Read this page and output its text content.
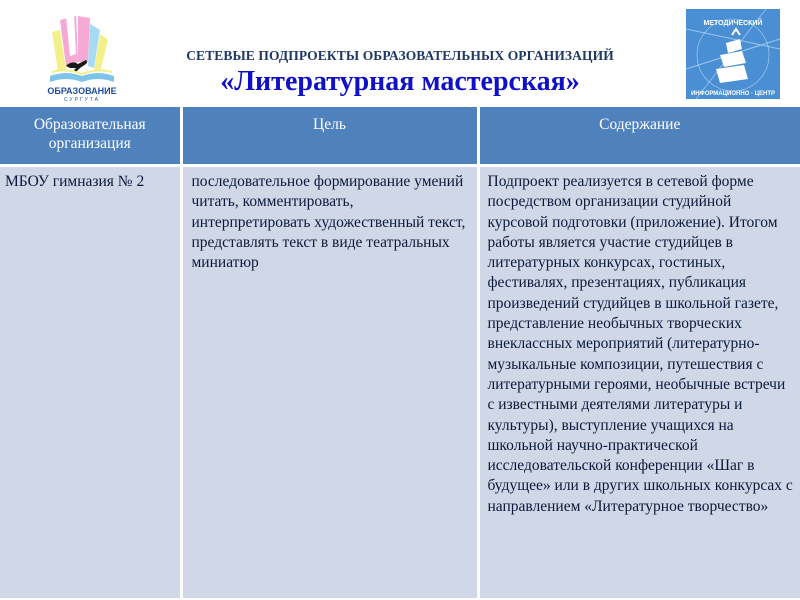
ОБРАЗОВАНИЕ
СУРГУТА
СЕТЕВЫЕ ПОДПРОЕКТЫ ОБРАЗОВАТЕЛЬНЫХ ОРГАНИЗАЦИЙ
«Литературная мастерская»
МЕТОДИЧЕСКИЙ
ИНФОРМАЦИОННО · ЦЕНТР
Образовательная организация	Цель	Содержание
МБОУ гимназия № 2	последовательное формирование умений читать, комментировать, интерпретировать художественный текст, представлять текст в виде театральных миниатюр	Подпроект реализуется в сетевой форме посредством организации студийной курсовой подготовки (приложение). Итогом работы является участие студийцев в литературных конкурсах, гостиных, фестивалях, презентациях, публикация произведений студийцев в школьной газете, представление необычных творческих внеклассных мероприятий (литературно-музыкальные композиции, путешествия с литературными героями, необычные встречи с известными деятелями литературы и культуры), выступление учащихся на школьной научно-практической исследовательской конференции «Шаг в будущее» или в других школьных конкурсах с направлением «Литературное творчество»
